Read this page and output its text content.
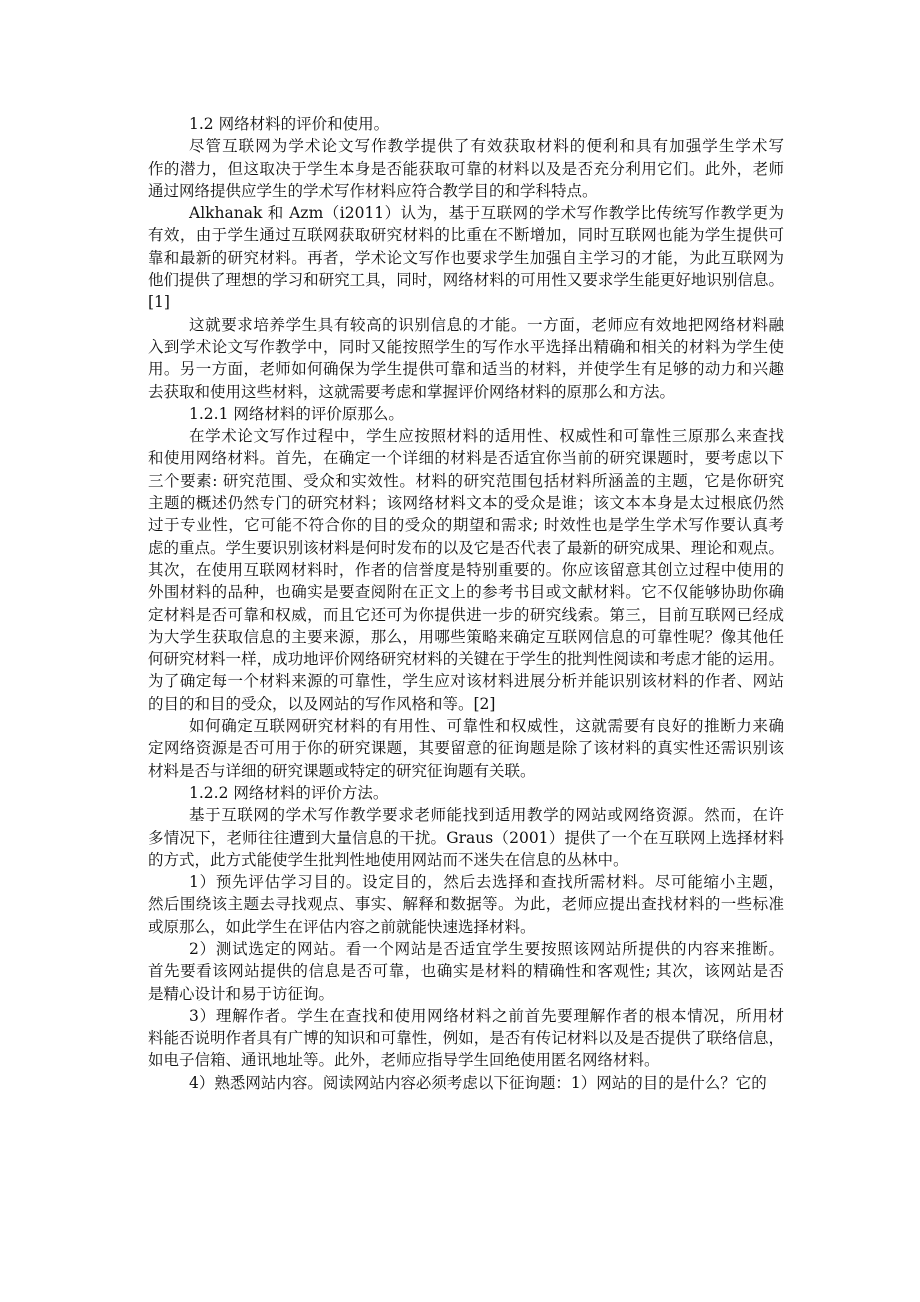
1.2 网络材料的评价和使用。
尽管互联网为学术论文写作教学提供了有效获取材料的便利和具有加强学生学术写
作的潜力，但这取决于学生本身是否能获取可靠的材料以及是否充分利用它们。此外，老师
通过网络提供应学生的学术写作材料应符合教学目的和学科特点。
Alkhanak 和 Azm（i2011）认为，基于互联网的学术写作教学比传统写作教学更为
有效，由于学生通过互联网获取研究材料的比重在不断增加，同时互联网也能为学生提供可
靠和最新的研究材料。再者，学术论文写作也要求学生加强自主学习的才能，为此互联网为
他们提供了理想的学习和研究工具，同时，网络材料的可用性又要求学生能更好地识别信息。
[1]
这就要求培养学生具有较高的识别信息的才能。一方面，老师应有效地把网络材料融
入到学术论文写作教学中，同时又能按照学生的写作水平选择出精确和相关的材料为学生使
用。另一方面，老师如何确保为学生提供可靠和适当的材料，并使学生有足够的动力和兴趣
去获取和使用这些材料，这就需要考虑和掌握评价网络材料的原那么和方法。
1.2.1 网络材料的评价原那么。
在学术论文写作过程中，学生应按照材料的适用性、权威性和可靠性三原那么来查找
和使用网络材料。首先，在确定一个详细的材料是否适宜你当前的研究课题时，要考虑以下
三个要素: 研究范围、受众和实效性。材料的研究范围包括材料所涵盖的主题，它是你研究
主题的概述仍然专门的研究材料；该网络材料文本的受众是谁；该文本本身是太过根底仍然
过于专业性，它可能不符合你的目的受众的期望和需求; 时效性也是学生学术写作要认真考
虑的重点。学生要识别该材料是何时发布的以及它是否代表了最新的研究成果、理论和观点。
其次，在使用互联网材料时，作者的信誉度是特别重要的。你应该留意其创立过程中使用的
外围材料的品种，也确实是要查阅附在正文上的参考书目或文献材料。它不仅能够协助你确
定材料是否可靠和权威，而且它还可为你提供进一步的研究线索。第三，目前互联网已经成
为大学生获取信息的主要来源，那么，用哪些策略来确定互联网信息的可靠性呢？像其他任
何研究材料一样，成功地评价网络研究材料的关键在于学生的批判性阅读和考虑才能的运用。
为了确定每一个材料来源的可靠性，学生应对该材料进展分析并能识别该材料的作者、网站
的目的和目的受众，以及网站的写作风格和等。[2]
如何确定互联网研究材料的有用性、可靠性和权威性，这就需要有良好的推断力来确
定网络资源是否可用于你的研究课题，其要留意的征询题是除了该材料的真实性还需识别该
材料是否与详细的研究课题或特定的研究征询题有关联。
1.2.2 网络材料的评价方法。
基于互联网的学术写作教学要求老师能找到适用教学的网站或网络资源。然而，在许
多情况下，老师往往遭到大量信息的干扰。Graus（2001）提供了一个在互联网上选择材料
的方式，此方式能使学生批判性地使用网站而不迷失在信息的丛林中。
1）预先评估学习目的。设定目的，然后去选择和查找所需材料。尽可能缩小主题，
然后围绕该主题去寻找观点、事实、解释和数据等。为此，老师应提出查找材料的一些标准
或原那么，如此学生在评估内容之前就能快速选择材料。
2）测试选定的网站。看一个网站是否适宜学生要按照该网站所提供的内容来推断。
首先要看该网站提供的信息是否可靠，也确实是材料的精确性和客观性; 其次，该网站是否
是精心设计和易于访征询。
3）理解作者。学生在查找和使用网络材料之前首先要理解作者的根本情况，所用材
料能否说明作者具有广博的知识和可靠性，例如，是否有传记材料以及是否提供了联络信息，
如电子信箱、通讯地址等。此外，老师应指导学生回绝使用匿名网络材料。
4）熟悉网站内容。阅读网站内容必须考虑以下征询题：1）网站的目的是什么？它的
